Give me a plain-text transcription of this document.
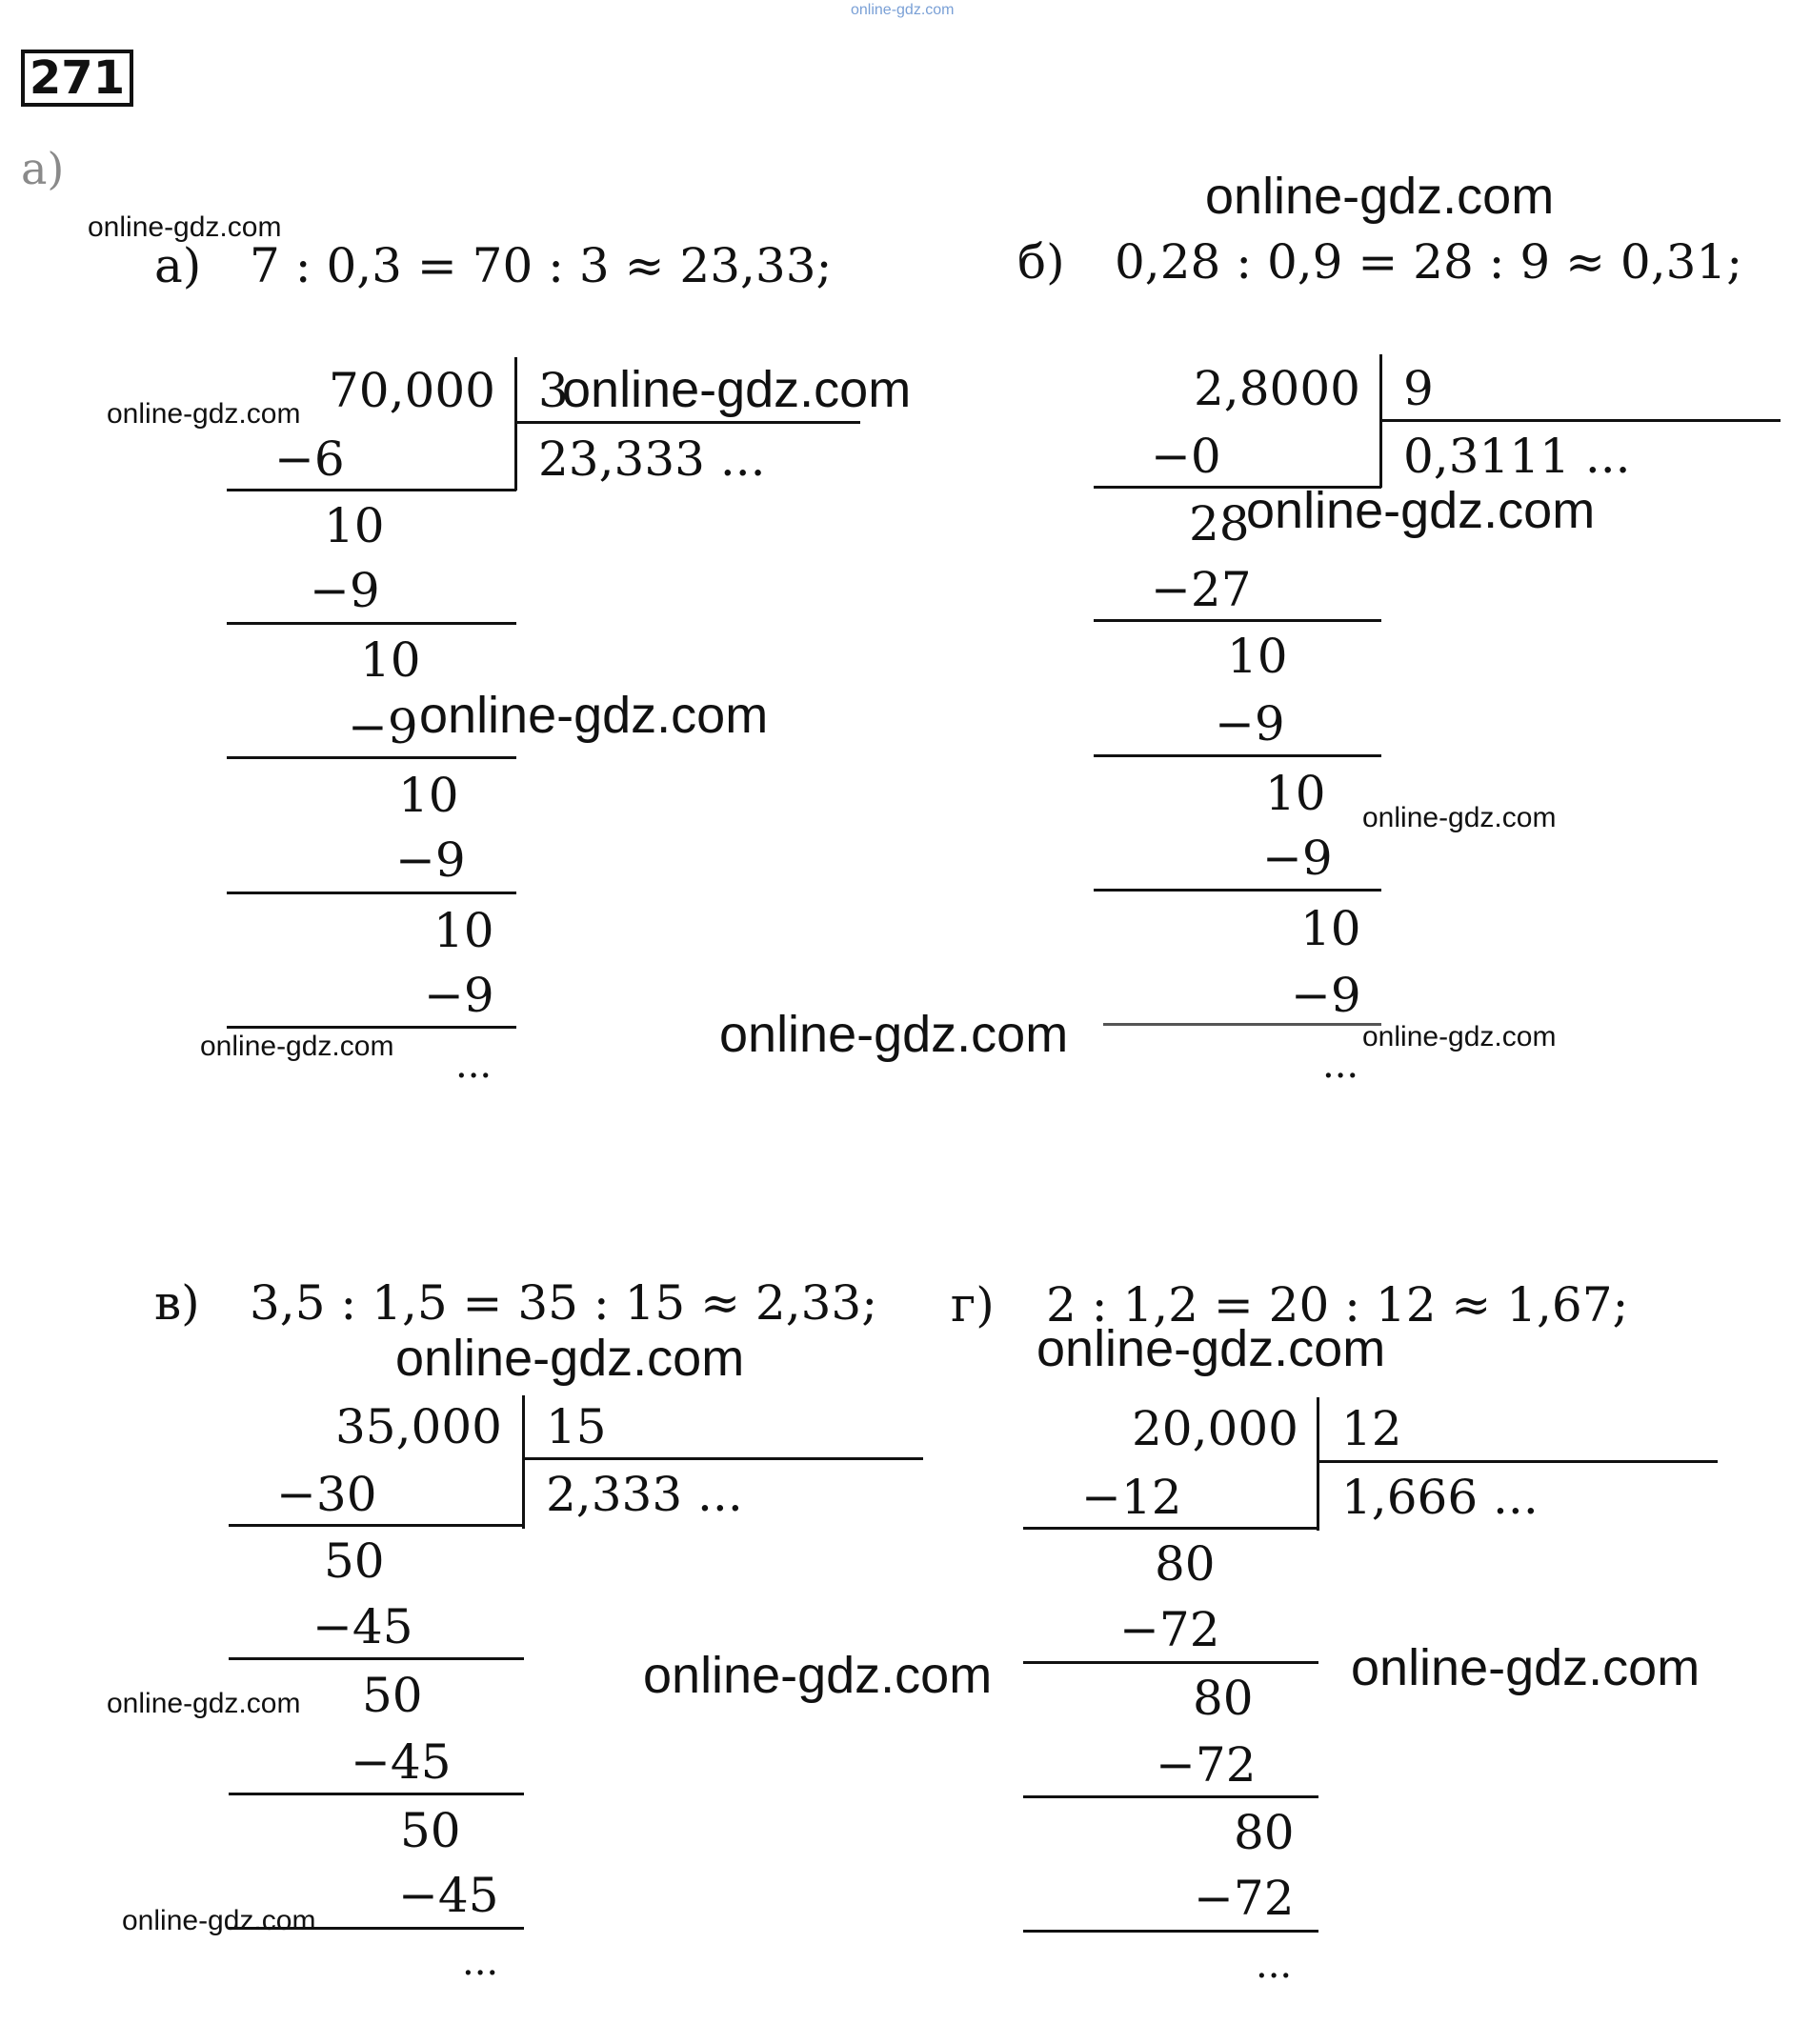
online-gdz.com
271
а)
а) 7 : 0,3 = 70 : 3 ≈ 23,33;
70,000 3
23,333 ...
−6
10
−9
10
−9
10
−9
10
−9
...
б) 0,28 : 0,9 = 28 : 9 ≈ 0,31;
2,8000 9
0,3111 ...
−0
28
−27
10
−9
10
−9
10
−9
...
в) 3,5 : 1,5 = 35 : 15 ≈ 2,33;
35,000 15
2,333 ...
−30
50
−45
50
−45
50
−45
...
г) 2 : 1,2 = 20 : 12 ≈ 1,67;
20,000 12
1,666 ...
−12
80
−72
80
−72
80
−72
...
online-gdz.com
online-gdz.com
online-gdz.com	online-gdz.com
online-gdz.com
online-gdz.com
online-gdz.com
online-gdz.com	online-gdz.com	online-gdz.com
online-gdz.com	online-gdz.com
online-gdz.com	online-gdz.com	online-gdz.com
online-gdz.com
